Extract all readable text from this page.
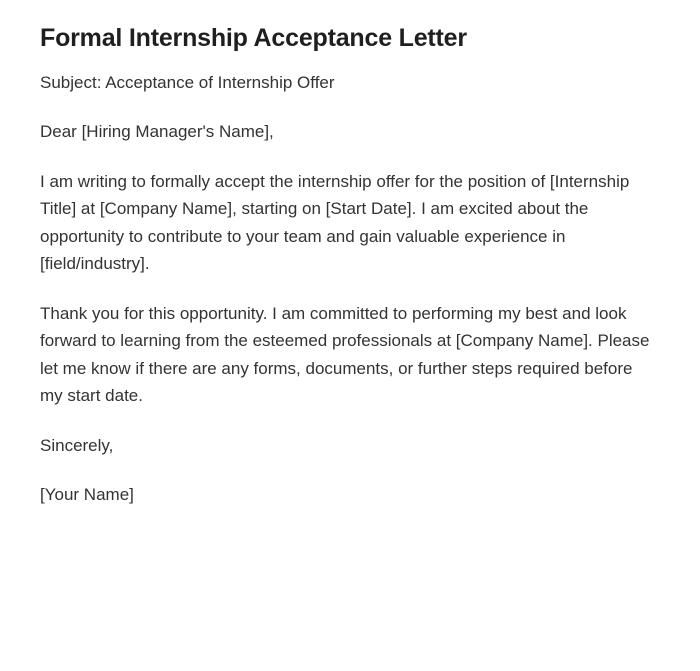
Formal Internship Acceptance Letter

Subject: Acceptance of Internship Offer

Dear [Hiring Manager's Name],

I am writing to formally accept the internship offer for the position of [Internship Title] at [Company Name], starting on [Start Date]. I am excited about the opportunity to contribute to your team and gain valuable experience in [field/industry].

Thank you for this opportunity. I am committed to performing my best and look forward to learning from the esteemed professionals at [Company Name]. Please let me know if there are any forms, documents, or further steps required before my start date.

Sincerely,

[Your Name]
